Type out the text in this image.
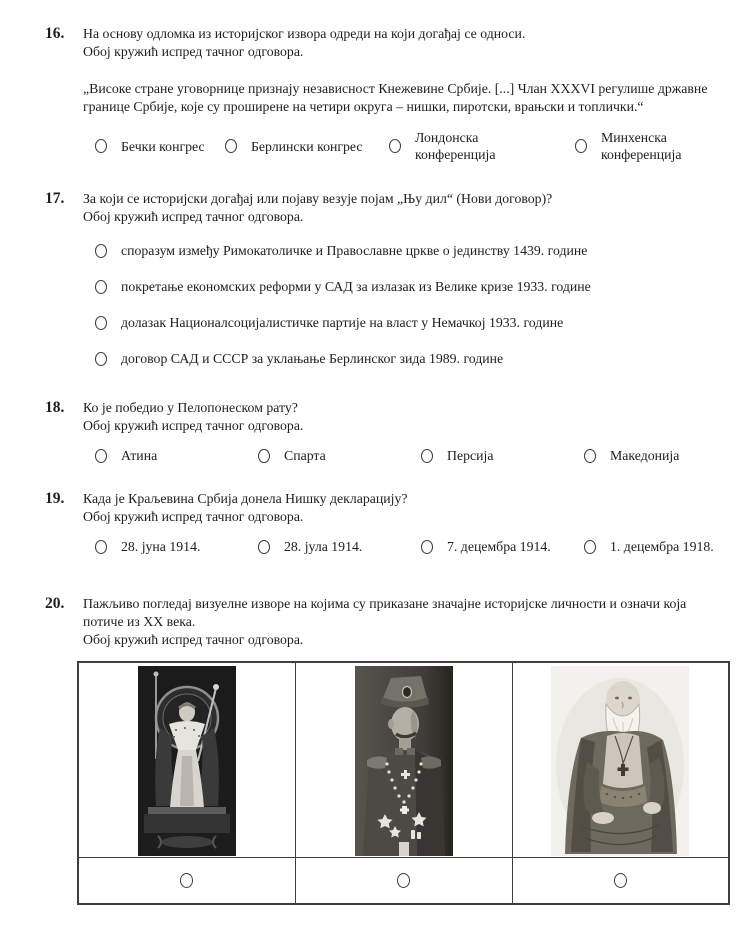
16.	На основу одломка из историјског извора одреди на који догађај се односи.

Обој кружић испред тачног одговора.

„Високе стране уговорнице признају независност Кнежевине Србије. [...] Члан XXXVI регулише државне границе Србије, које су проширене на четири округа – нишки, пиротски, врањски и топлички.“

Бечки конгрес	Берлински конгрес
Лондонска конференција
Минхенска конференција
17.	За који се историјски догађај или појаву везује појам „Њу дил“ (Нови договор)?

Обој кружић испред тачног одговора.

споразум између Римокатоличке и Православне цркве о јединству 1439. године
покретање економских реформи у САД за излазак из Велике кризе 1933. године
долазак Националсоцијалистичке партије на власт у Немачкој 1933. године
договор САД и СССР за уклањање Берлинског зида 1989. године
18.	Ко је победио у Пелопонеском рату?

Обој кружић испред тачног одговора.

Атина	Спарта	Персија	Македонија
19.	Када је Краљевина Србија донела Нишку декларацију?

Обој кружић испред тачног одговора.

28. јуна 1914.	28. јула 1914.	7. децембра 1914.	1. децембра 1918.
20.	Пажљиво погледај визуелне изворе на којима су приказане значајне историјске личности и означи која потиче из XX века.

Обој кружић испред тачног одговора.
